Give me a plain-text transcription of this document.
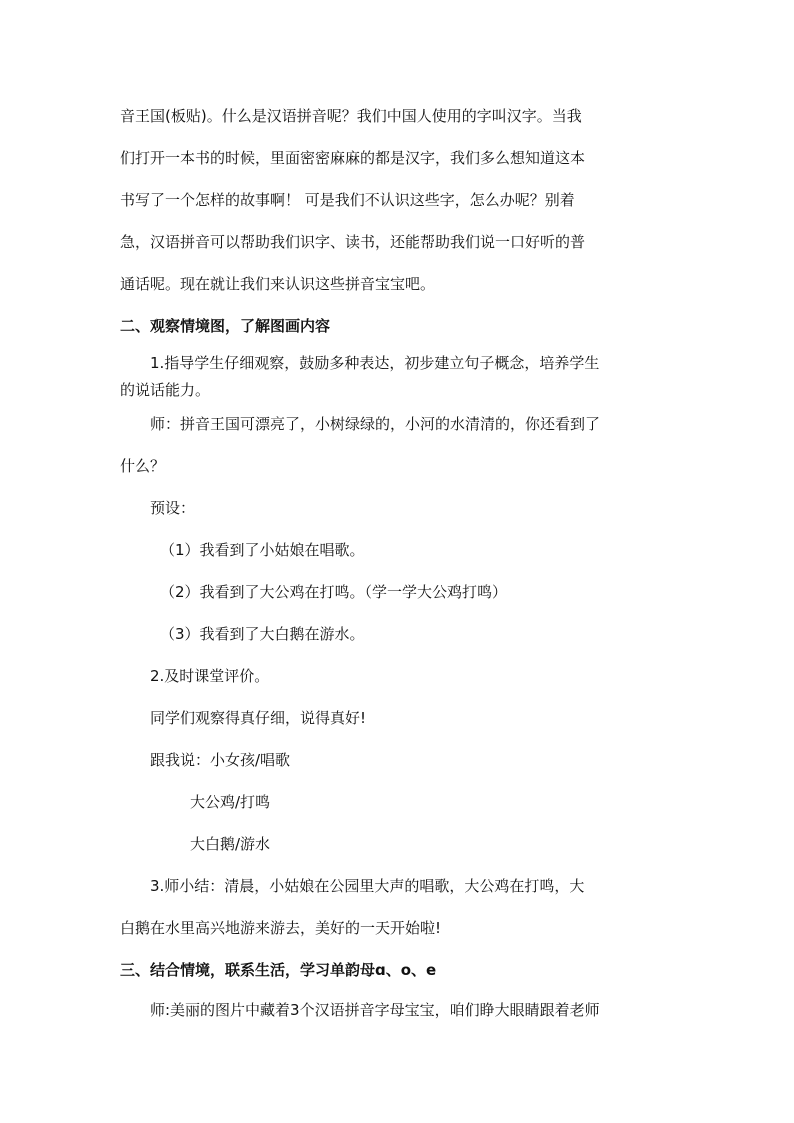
音王国(板贴)。什么是汉语拼音呢？我们中国人使用的字叫汉字。当我
们打开一本书的时候，里面密密麻麻的都是汉字，我们多么想知道这本
书写了一个怎样的故事啊！ 可是我们不认识这些字，怎么办呢？别着
急，汉语拼音可以帮助我们识字、读书，还能帮助我们说一口好听的普
通话呢。现在就让我们来认识这些拼音宝宝吧。
二、观察情境图，了解图画内容
1.指导学生仔细观察，鼓励多种表达，初步建立句子概念，培养学生
的说话能力。
师：拼音王国可漂亮了，小树绿绿的，小河的水清清的，你还看到了
什么？
预设：
（1）我看到了小姑娘在唱歌。
（2）我看到了大公鸡在打鸣。（学一学大公鸡打鸣）
（3）我看到了大白鹅在游水。
2.及时课堂评价。
同学们观察得真仔细，说得真好!
跟我说：小女孩/唱歌
大公鸡/打鸣
大白鹅/游水
3.师小结：清晨，小姑娘在公园里大声的唱歌，大公鸡在打鸣，大
白鹅在水里高兴地游来游去，美好的一天开始啦!
三、结合情境，联系生活，学习单韵母ɑ、o、e
师:美丽的图片中藏着3个汉语拼音字母宝宝，咱们睁大眼睛跟着老师
